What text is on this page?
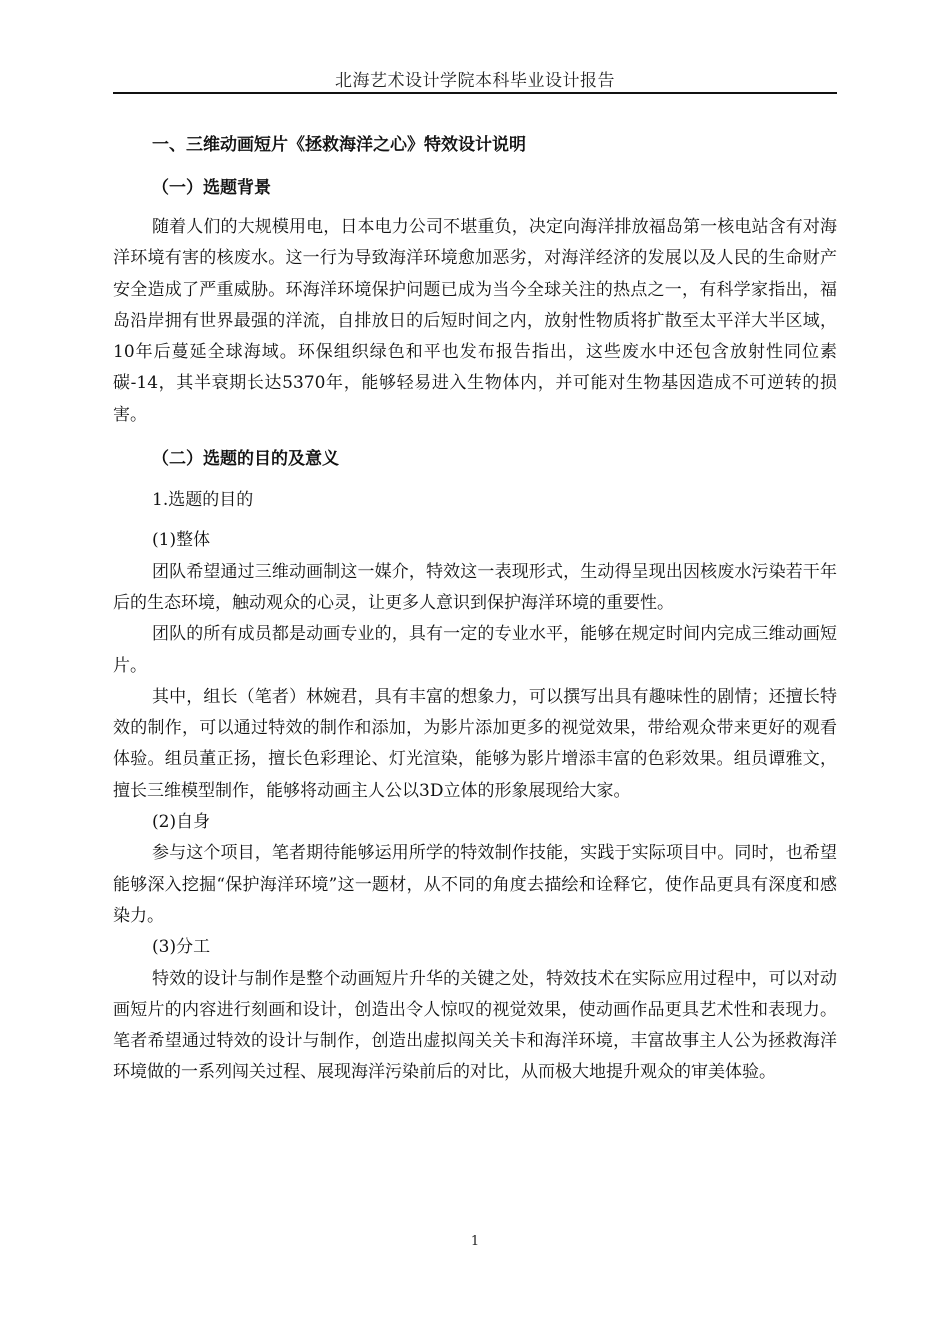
北海艺术设计学院本科毕业设计报告
一、三维动画短片《拯救海洋之心》特效设计说明
（一）选题背景

随着人们的大规模用电，日本电力公司不堪重负，决定向海洋排放福岛第一核电站含有对海洋环境有害的核废水。这一行为导致海洋环境愈加恶劣，对海洋经济的发展以及人民的生命财产安全造成了严重威胁。环海洋环境保护问题已成为当今全球关注的热点之一，有科学家指出，福岛沿岸拥有世界最强的洋流，自排放日的后短时间之内，放射性物质将扩散至太平洋大半区域，10年后蔓延全球海域。环保组织绿色和平也发布报告指出，这些废水中还包含放射性同位素碳-14，其半衰期长达5370年，能够轻易进入生物体内，并可能对生物基因造成不可逆转的损害。

（二）选题的目的及意义
1.选题的目的
(1)整体

团队希望通过三维动画制这一媒介，特效这一表现形式，生动得呈现出因核废水污染若干年后的生态环境，触动观众的心灵，让更多人意识到保护海洋环境的重要性。

团队的所有成员都是动画专业的，具有一定的专业水平，能够在规定时间内完成三维动画短片。

其中，组长（笔者）林婉君，具有丰富的想象力，可以撰写出具有趣味性的剧情；还擅长特效的制作，可以通过特效的制作和添加，为影片添加更多的视觉效果，带给观众带来更好的观看体验。组员董正扬，擅长色彩理论、灯光渲染，能够为影片增添丰富的色彩效果。组员谭雅文，擅长三维模型制作，能够将动画主人公以3D立体的形象展现给大家。

(2)自身

参与这个项目，笔者期待能够运用所学的特效制作技能，实践于实际项目中。同时，也希望能够深入挖掘“保护海洋环境”这一题材，从不同的角度去描绘和诠释它，使作品更具有深度和感染力。

(3)分工

特效的设计与制作是整个动画短片升华的关键之处，特效技术在实际应用过程中，可以对动画短片的内容进行刻画和设计，创造出令人惊叹的视觉效果，使动画作品更具艺术性和表现力。笔者希望通过特效的设计与制作，创造出虚拟闯关关卡和海洋环境，丰富故事主人公为拯救海洋环境做的一系列闯关过程、展现海洋污染前后的对比，从而极大地提升观众的审美体验。

1
